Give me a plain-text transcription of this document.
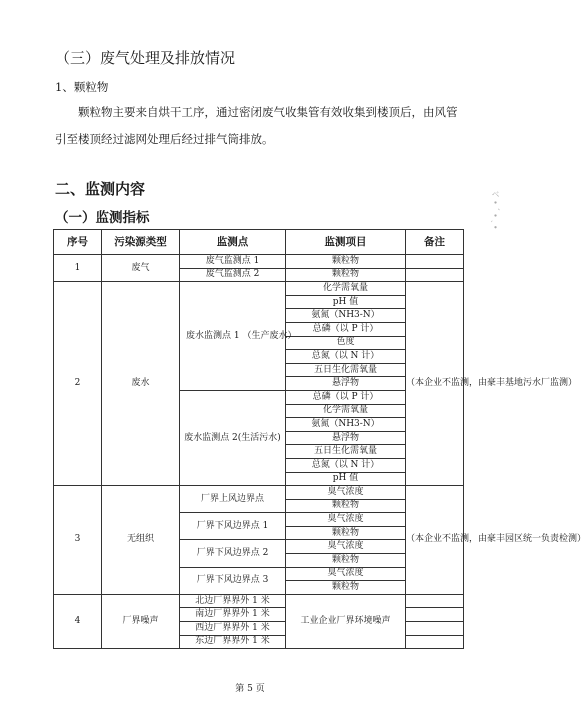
（三）废气处理及排放情况
1、颗粒物

颗粒物主要来自烘干工序，通过密闭废气收集管有效收集到楼顶后，由风管引至楼顶经过滤网处理后经过排气筒排放。

二、监测内容
（一）监测指标
序号	污染源类型	监测点	监测项目	备注
1	废气	废气监测点 1	颗粒物	
		废气监测点 2	颗粒物	
2	废水	废水监测点 1 （生产废水）	化学需氧量	（本企业不监测，由豪丰基地污水厂监测）
			pH 值	
			氨氮（NH3-N）	
			总磷（以 P 计）	
			色度	
			总氮（以 N 计）	
			五日生化需氧量	
			悬浮物	
		废水监测点 2(生活污水)	总磷（以 P 计）	
			化学需氧量	
			氨氮（NH3-N）	
			悬浮物	
			五日生化需氧量	
			总氮（以 N 计）	
			pH 值	
3	无组织	厂界上风边界点	臭气浓度	（本企业不监测，由豪丰园区统一负责检测）
			颗粒物	
		厂界下风边界点 1	臭气浓度	
			颗粒物	
		厂界下风边界点 2	臭气浓度	
			颗粒物	
		厂界下风边界点 3	臭气浓度	
			颗粒物	
4	厂界噪声	北边厂界界外 1 米	工业企业厂界环境噪声	
		南边厂界界外 1 米		
		西边厂界界外 1 米		
		东边厂界界外 1 米		
第 5 页
ベ ∙ ˊ ∙ ˎ ∙
